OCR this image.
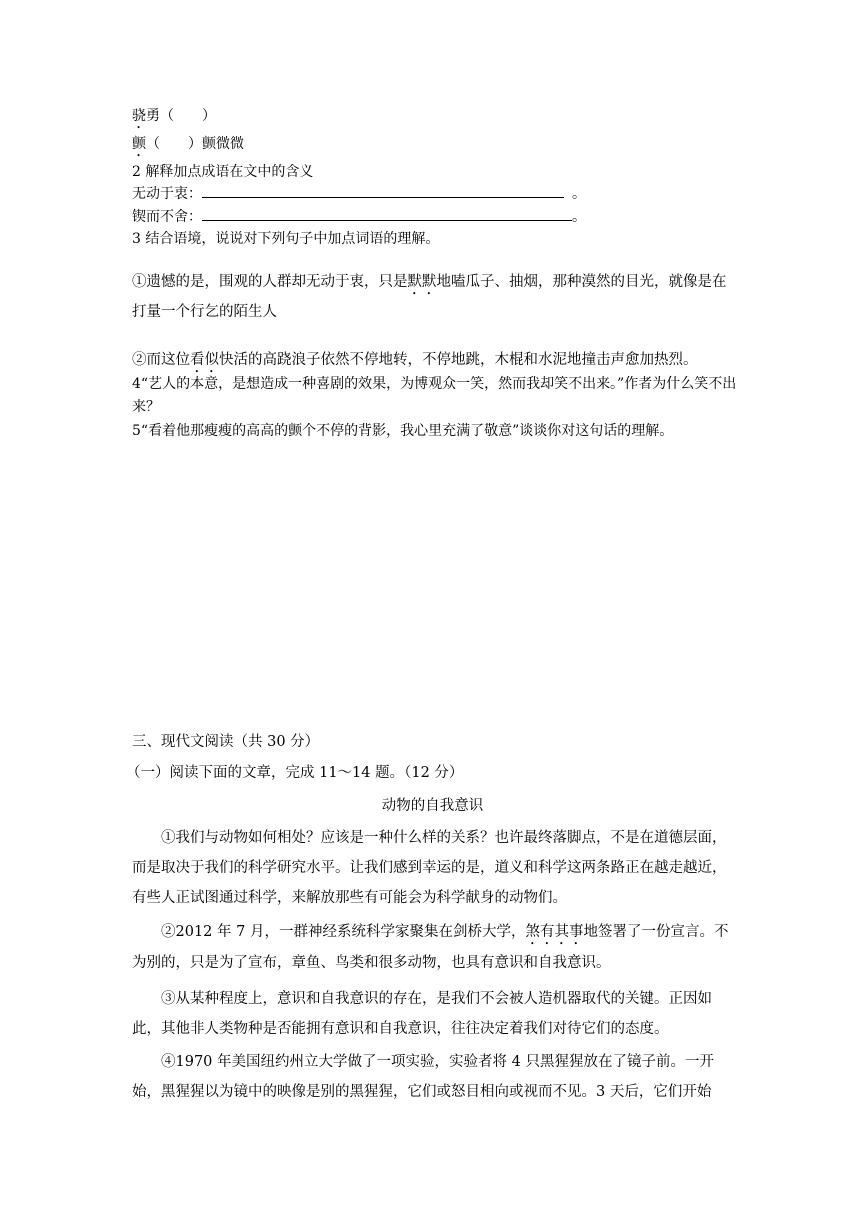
骁勇（　　）
颤（　　）颤微微
2 解释加点成语在文中的含义
无动于衷：	。
锲而不舍：	。
3 结合语境，说说对下列句子中加点词语的理解。
①遗憾的是，围观的人群却无动于衷，只是默默地嗑瓜子、抽烟，那种漠然的目光，就像是在打量一个行乞的陌生人
②而这位看似快活的高跷浪子依然不停地转，不停地跳，木棍和水泥地撞击声愈加热烈。
4“艺人的本意，是想造成一种喜剧的效果，为博观众一笑，然而我却笑不出来。”作者为什么笑不出来？
5“看着他那瘦瘦的高高的颤个不停的背影，我心里充满了敬意”谈谈你对这句话的理解。
三、现代文阅读（共 30 分）
（一）阅读下面的文章，完成 11～14 题。（12 分）
动物的自我意识
①我们与动物如何相处？应该是一种什么样的关系？也许最终落脚点，不是在道德层面，而是取决于我们的科学研究水平。让我们感到幸运的是，道义和科学这两条路正在越走越近，有些人正试图通过科学，来解放那些有可能会为科学献身的动物们。
②2012 年 7 月，一群神经系统科学家聚集在剑桥大学，煞有其事地签署了一份宣言。不为别的，只是为了宣布，章鱼、鸟类和很多动物，也具有意识和自我意识。
③从某种程度上，意识和自我意识的存在，是我们不会被人造机器取代的关键。正因如此，其他非人类物种是否能拥有意识和自我意识，往往决定着我们对待它们的态度。
④1970 年美国纽约州立大学做了一项实验，实验者将 4 只黑猩猩放在了镜子前。一开始，黑猩猩以为镜中的映像是别的黑猩猩，它们或怒目相向或视而不见。3 天后，它们开始
